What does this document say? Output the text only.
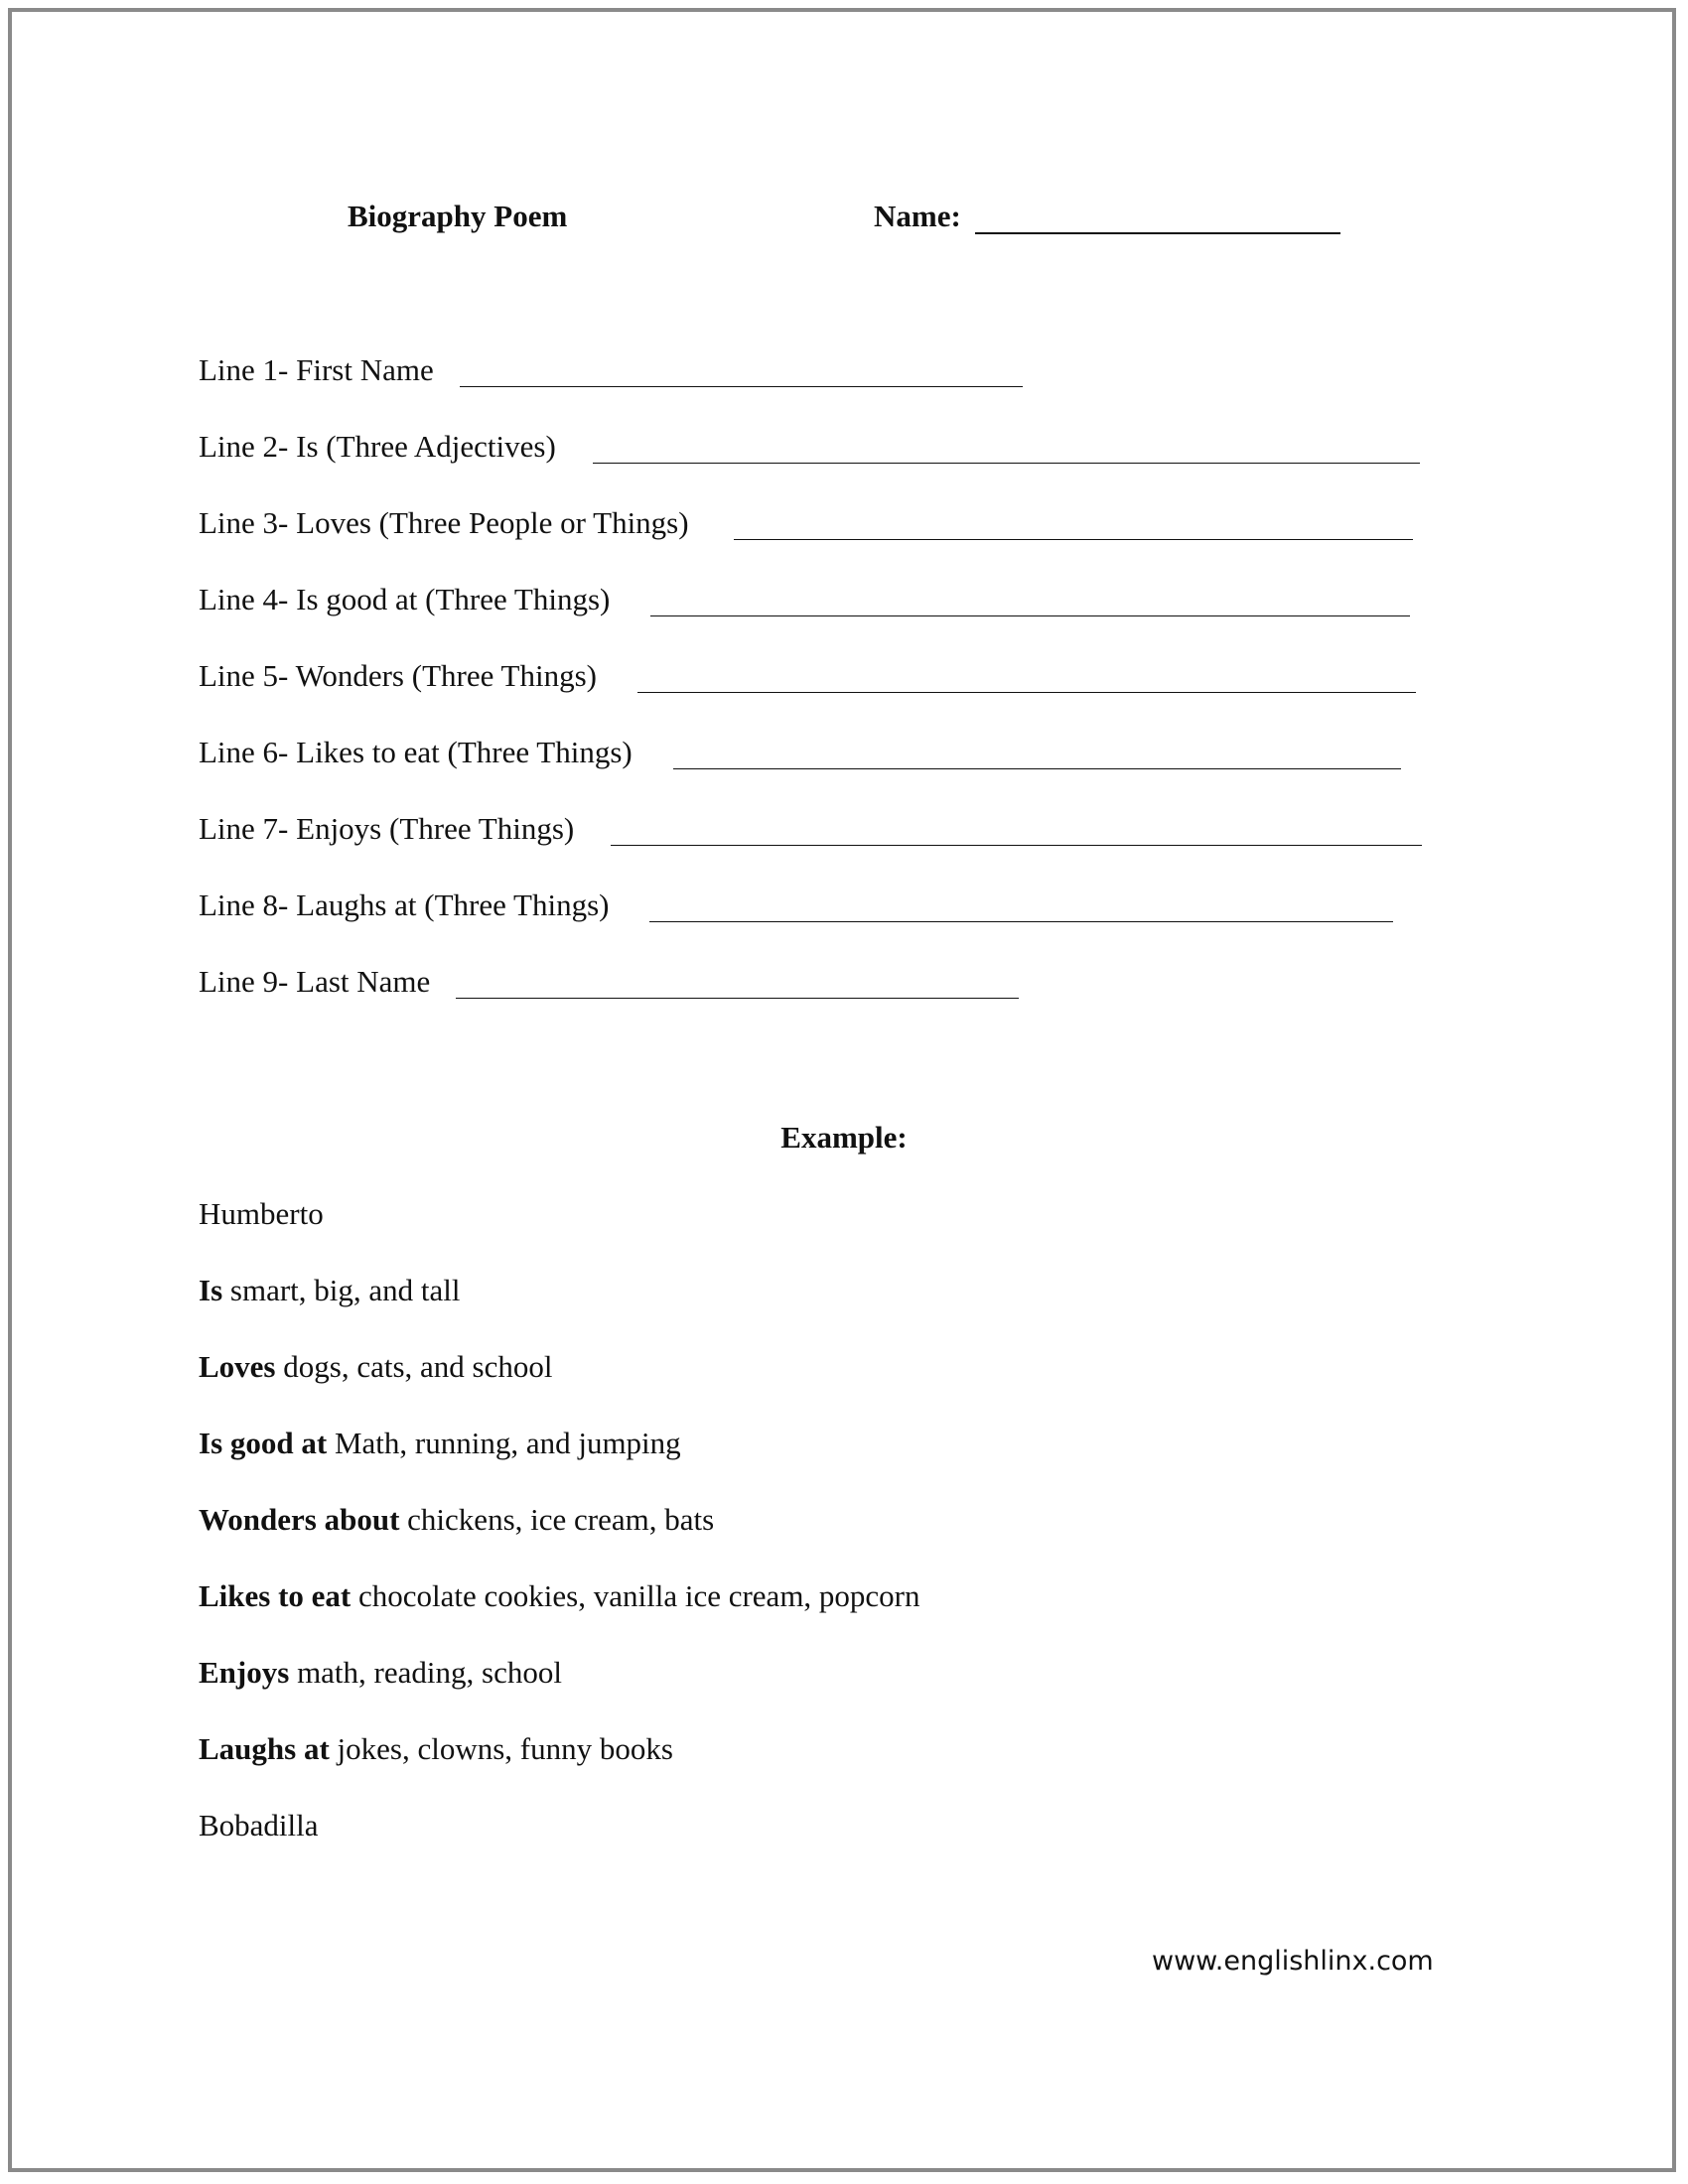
Biography Poem	Name:
Line 1- First Name
Line 2- Is (Three Adjectives)
Line 3- Loves (Three People or Things)
Line 4- Is good at (Three Things)
Line 5- Wonders (Three Things)
Line 6- Likes to eat (Three Things)
Line 7- Enjoys (Three Things)
Line 8- Laughs at (Three Things)
Line 9- Last Name
Example:
Humberto
Is smart, big, and tall
Loves dogs, cats, and school
Is good at Math, running, and jumping
Wonders about chickens, ice cream, bats
Likes to eat chocolate cookies, vanilla ice cream, popcorn
Enjoys math, reading, school
Laughs at jokes, clowns, funny books
Bobadilla
www.englishlinx.com
